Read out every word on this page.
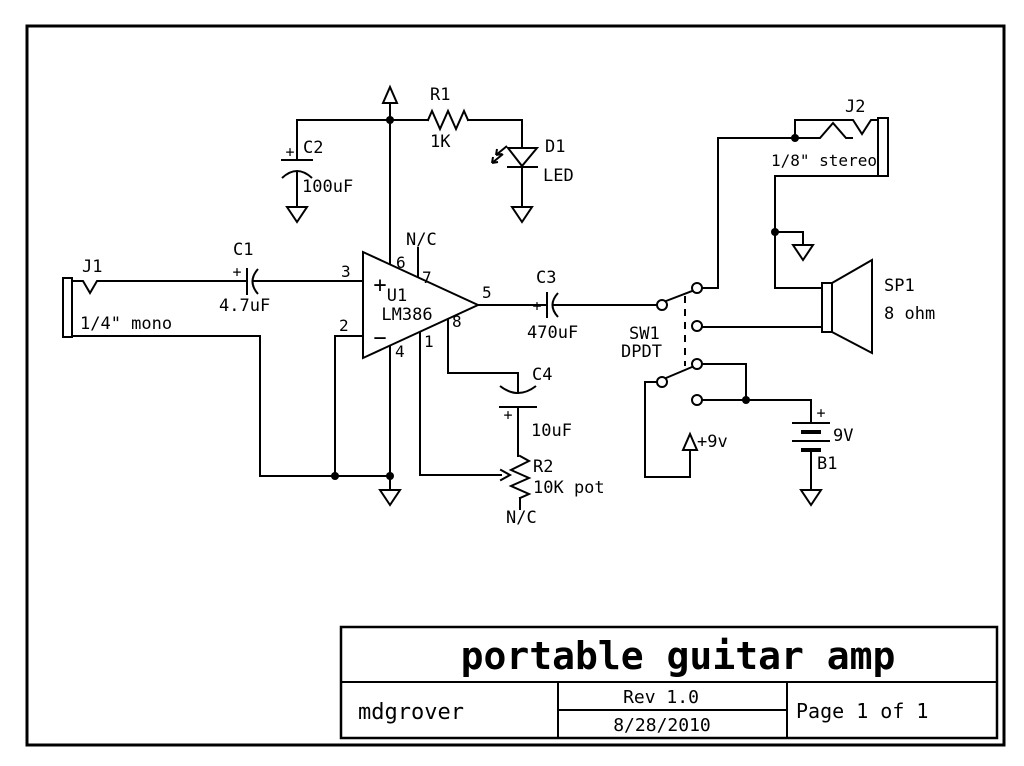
J1
1/4" mono
C1
+
4.7uF
C2
+
100uF
R1
1K	D1
LED
U1
LM386
+
−
3
2
6
7
5
8
1
4
N/C
C3
+
470uF
C4
+
10uF
R2
10K pot
N/C
SW1
DPDT
J2
1/8" stereo
SP1
8 ohm
+
9V
B1
+9v
portable guitar amp
mdgrover
Rev 1.0
8/28/2010
Page 1 of 1
